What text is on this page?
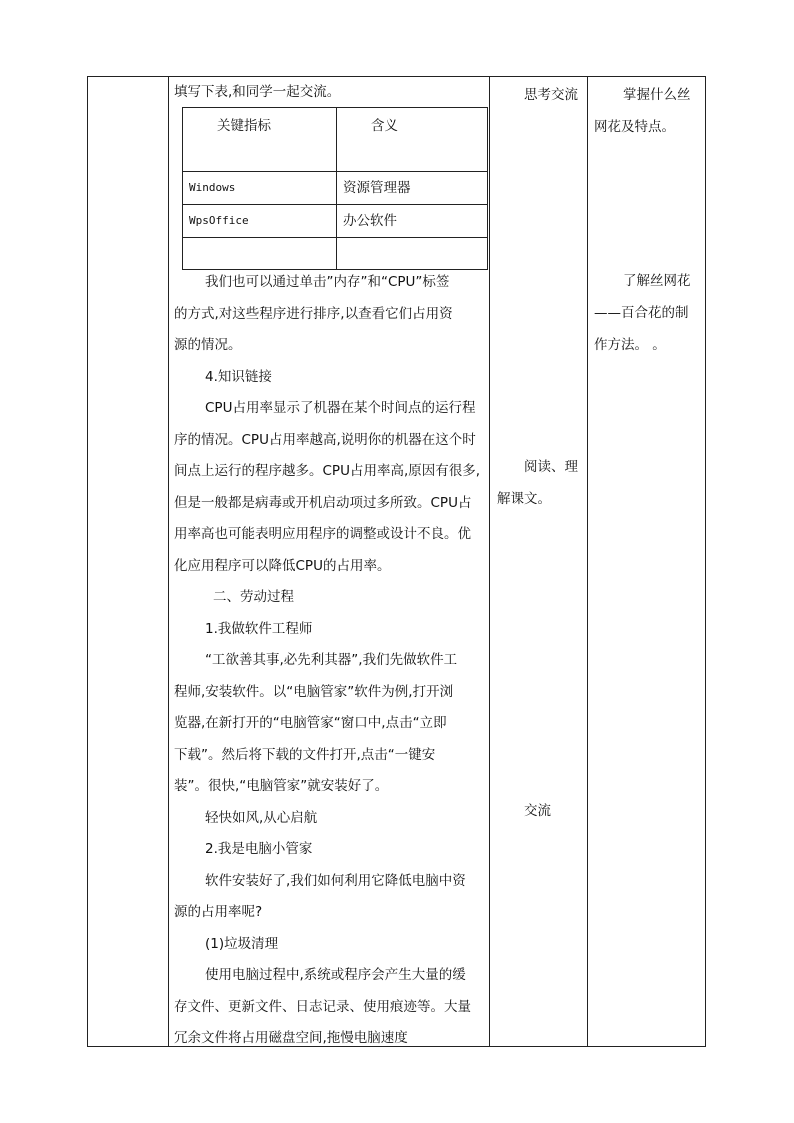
填写下表,和同学一起交流。

关键指标	含义
Windows	资源管理器
WpsOffice	办公软件

我们也可以通过单击”内存”和“CPU”标签

的方式,对这些程序进行排序,以查看它们占用资

源的情况。

4.知识链接

CPU占用率显示了机器在某个时间点的运行程

序的情况。CPU占用率越高,说明你的机器在这个时

间点上运行的程序越多。CPU占用率高,原因有很多,

但是一般都是病毒或开机启动项过多所致。CPU占

用率高也可能表明应用程序的调整或设计不良。优

化应用程序可以降低CPU的占用率。

二、劳动过程

1.我做软件工程师

“工欲善其事,必先利其器”,我们先做软件工

程师,安装软件。以“电脑管家”软件为例,打开浏

览器,在新打开的“电脑管家“窗口中,点击“立即

下载”。然后将下载的文件打开,点击“一键安

装”。很快,“电脑管家”就安装好了。

轻快如风,从心启航

2.我是电脑小管家

软件安装好了,我们如何利用它降低电脑中资

源的占用率呢?

(1)垃圾清理

使用电脑过程中,系统或程序会产生大量的缓

存文件、更新文件、日志记录、使用痕迹等。大量

冗余文件将占用磁盘空间,拖慢电脑速度

思考交流
阅读、理
解课文。
交流
掌握什么丝
网花及特点。
了解丝网花
——百合花的制
作方法。 。
